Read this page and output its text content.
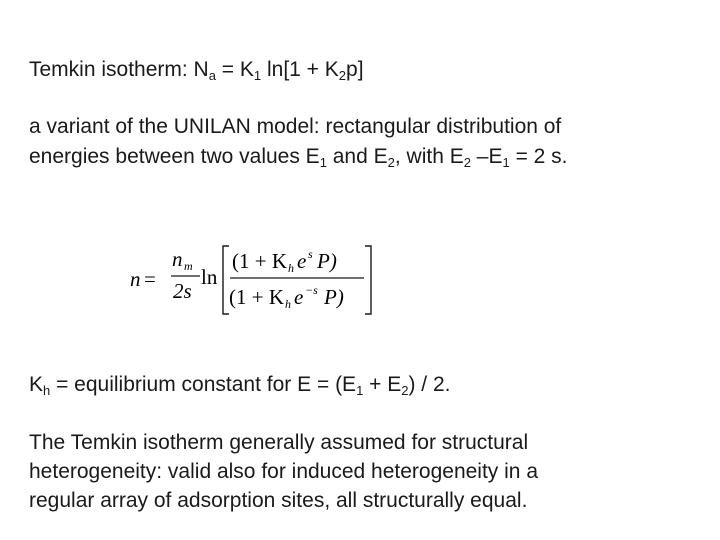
Temkin isotherm: $N_a = K_1$ $\ln[1 + K_2p]$
a variant of the UNILAN model: rectangular distribution of
energies between two values $E_1$ and $E_2$, with $E_2$ $-E_1 = 2$ s.
n =
n m
2s
ln
(1 + K h e s P)
(1 + K h e −s P)
$K_h$ = equilibrium constant for $E = (E_1 + E_2) / 2$.
The Temkin isotherm generally assumed for structural
heterogeneity: valid also for induced heterogeneity in a
regular array of adsorption sites, all structurally equal.
